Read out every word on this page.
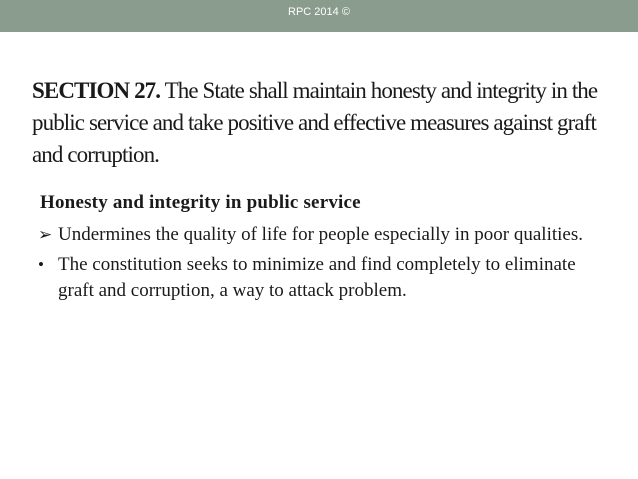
RPC 2014 ©
SECTION 27. The State shall maintain honesty and integrity in the public service and take positive and effective measures against graft and corruption.
Honesty and integrity in public service
➢ Undermines the quality of life for people especially in poor qualities.
• The constitution seeks to minimize and find completely to eliminate graft and corruption, a way to attack problem.
